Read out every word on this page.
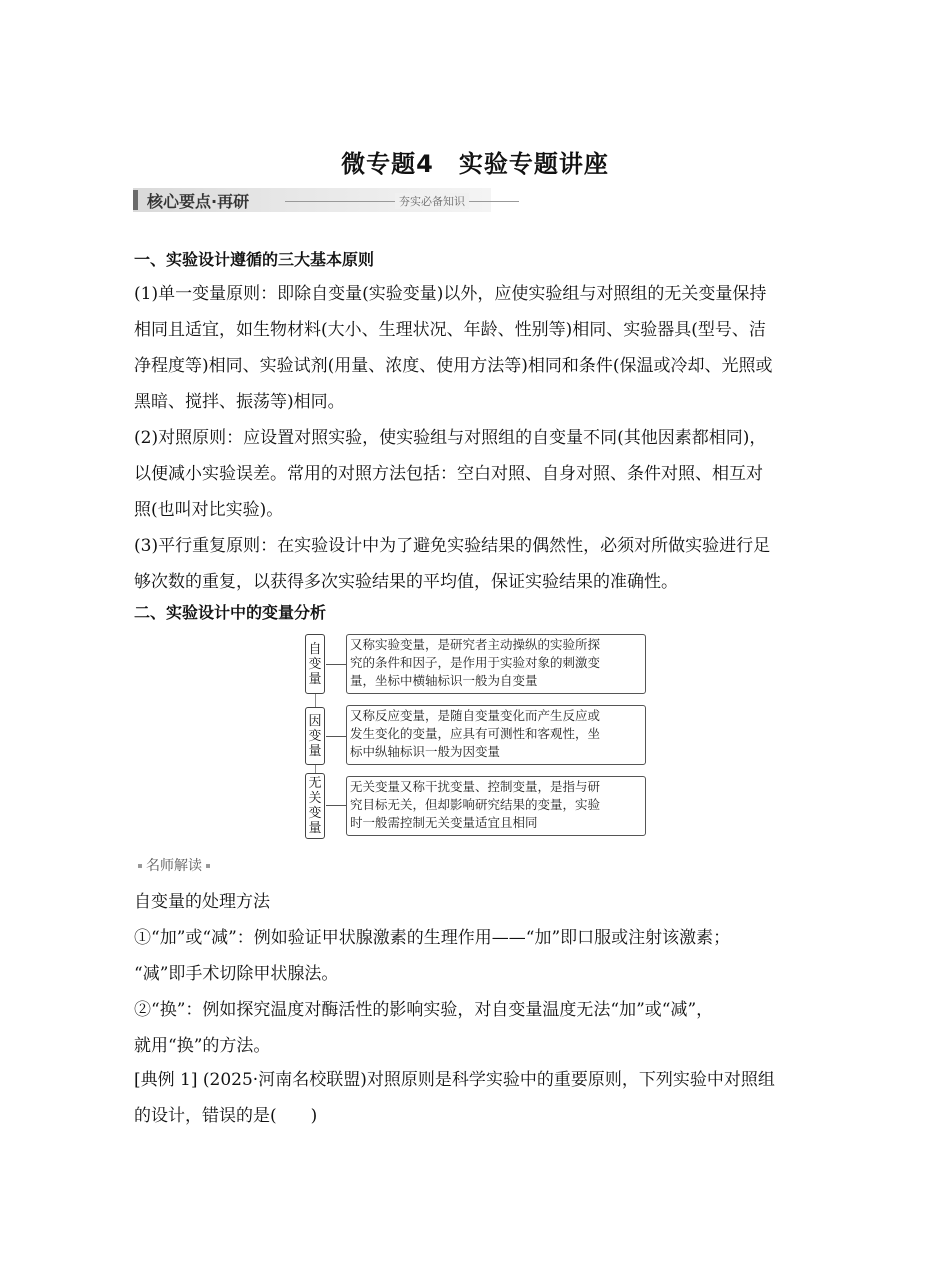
微专题4　实验专题讲座
核心要点·再研	夯实必备知识
一、实验设计遵循的三大基本原则
(1)单一变量原则：即除自变量(实验变量)以外，应使实验组与对照组的无关变量保持
相同且适宜，如生物材料(大小、生理状况、年龄、性别等)相同、实验器具(型号、洁
净程度等)相同、实验试剂(用量、浓度、使用方法等)相同和条件(保温或冷却、光照或
黑暗、搅拌、振荡等)相同。
(2)对照原则：应设置对照实验，使实验组与对照组的自变量不同(其他因素都相同)，
以便减小实验误差。常用的对照方法包括：空白对照、自身对照、条件对照、相互对
照(也叫对比实验)。
(3)平行重复原则：在实验设计中为了避免实验结果的偶然性，必须对所做实验进行足
够次数的重复，以获得多次实验结果的平均值，保证实验结果的准确性。
二、实验设计中的变量分析
自变量
又称实验变量，是研究者主动操纵的实验所探
究的条件和因子，是作用于实验对象的刺激变
量，坐标中横轴标识一般为自变量
因变量
又称反应变量，是随自变量变化而产生反应或
发生变化的变量，应具有可测性和客观性，坐
标中纵轴标识一般为因变量
无关变量
无关变量又称干扰变量、控制变量，是指与研
究目标无关，但却影响研究结果的变量，实验
时一般需控制无关变量适宜且相同
名师解读
自变量的处理方法
①“加”或“减”：例如验证甲状腺激素的生理作用——“加”即口服或注射该激素；
“减”即手术切除甲状腺法。
②“换”：例如探究温度对酶活性的影响实验，对自变量温度无法“加”或“减”，
就用“换”的方法。
[典例 1] (2025·河南名校联盟)对照原则是科学实验中的重要原则，下列实验中对照组
的设计，错误的是(　　)
